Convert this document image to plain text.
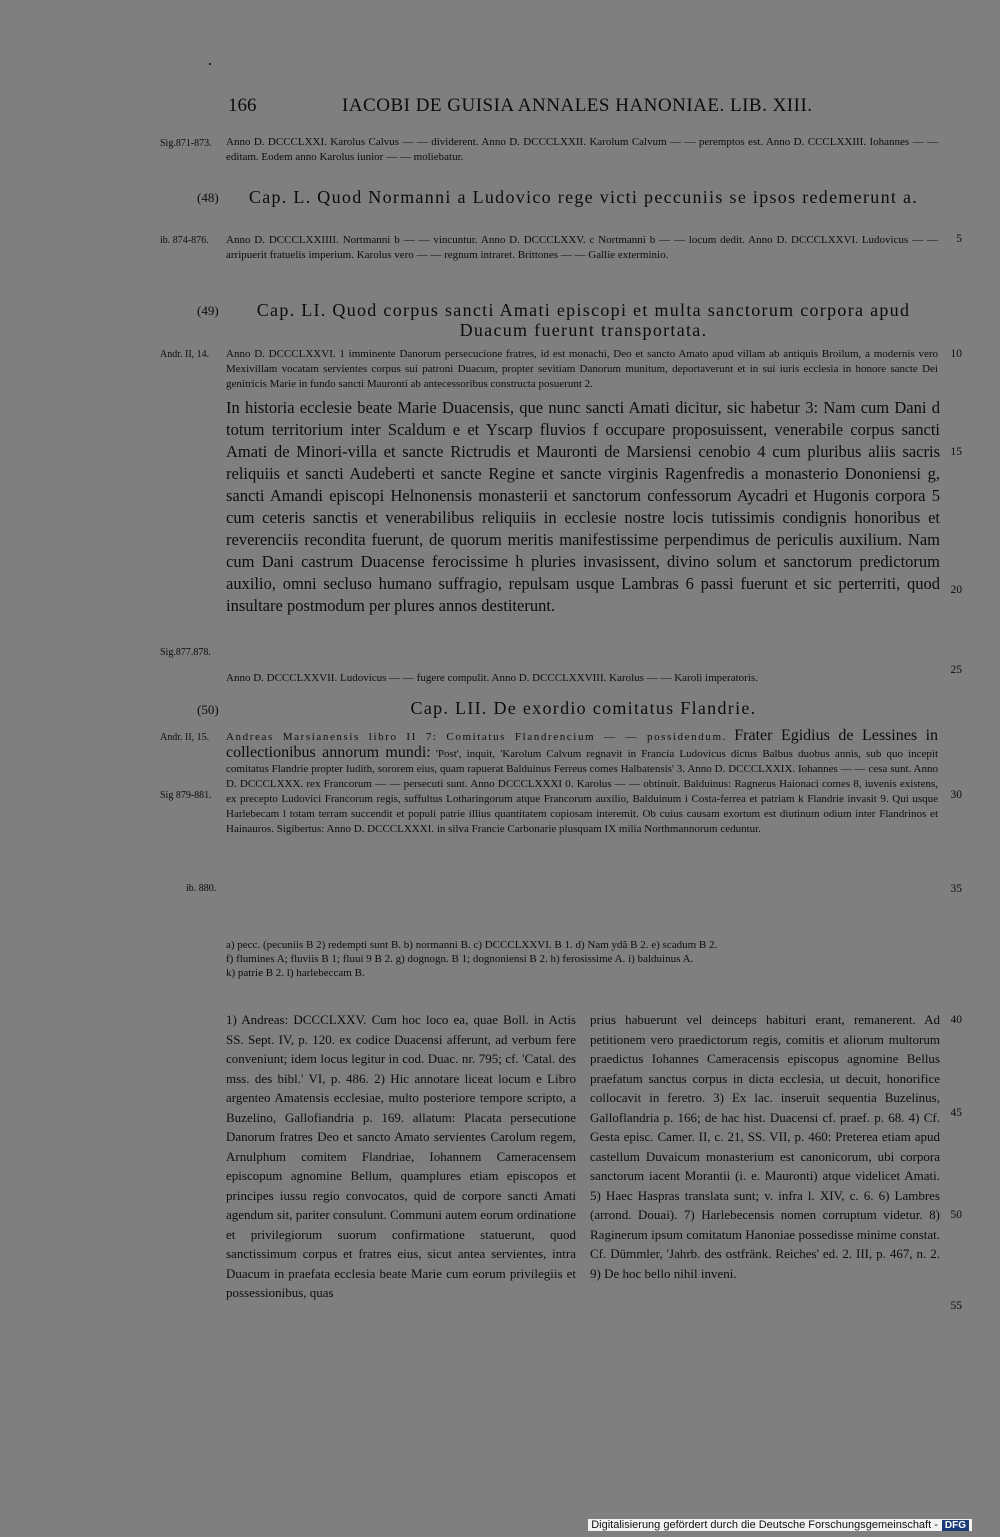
166	IACOBI DE GUISIA ANNALES HANONIAE. LIB. XIII.
Sig.871-873. Anno D. DCCCLXXI. Karolus Calvus — — dividerent. Anno D. DCCCLXXII. Karolum Calvum — — peremptos est. Anno D. CCCLXXIII. Iohannes — — editam. Eodem anno Karolus iunior — — moliebatur.
(48)	Cap. L. Quod Normanni a Ludovico rege victi peccuniis se ipsos redemerunt a.
ib. 874-876. Anno D. DCCCLXXIIII. Nortmanni b — — vincuntur. Anno D. DCCCLXXV. c Nortmanni b — — locum dedit. Anno D. DCCCLXXVI. Ludovicus — — arripuerit fratuelis imperium. Karolus vero — — regnum intraret. Brittones — — Gallie exterminio.
(49)	Cap. LI. Quod corpus sancti Amati episcopi et multa sanctorum corpora apud Duacum fuerunt transportata.
Andr. II, 14. Anno D. DCCCLXXVI. 1 imminente Danorum persecucione fratres, id est monachi, Deo et sancto Amato apud villam ab antiquis Broilum, a modernis vero Mexivillam vocatam servientes corpus sui patroni Duacum, propter sevitiam Danorum munitum, deportaverunt et in sui iuris ecclesia in honore sancte Dei genitricis Marie in fundo sancti Mauronti ab antecessoribus constructa posuerunt 2.
In historia ecclesie beate Marie Duacensis, que nunc sancti Amati dicitur, sic habetur 3: Nam cum Dani d totum territorium inter Scaldum e et Yscarp fluvios f occupare proposuissent, venerabile corpus sancti Amati de Minori-villa et sancte Rictrudis et Mauronti de Marsiensi cenobio 4 cum pluribus aliis sacris reliquiis et sancti Audeberti et sancte Regine et sancte virginis Ragenfredis a monasterio Dononiensi g, sancti Amandi episcopi Helnonensis monasterii et sanctorum confessorum Aycadri et Hugonis corpora 5 cum ceteris sanctis et venerabilibus reliquiis in ecclesie nostre locis tutissimis condignis honoribus et reverenciis recondita fuerunt, de quorum meritis manifestissime perpendimus de periculis auxilium. Nam cum Dani castrum Duacense ferocissime h pluries invasissent, divino solum et sanctorum predictorum auxilio, omni secluso humano suffragio, repulsam usque Lambras 6 passi fuerunt et sic perterriti, quod insultare postmodum per plures annos destiterunt.
Sig.877.878.
Anno D. DCCCLXXVII. Ludovicus — — fugere compulit. Anno D. DCCCLXXVIII. Karolus — — Karoli imperatoris.
(50)	Cap. LII. De exordio comitatus Flandrie.
Andr. II, 15.
Sig 879-881.
ib. 880.
Andreas Marsianensis libro II 7: Comitatus Flandrencium — — possidendum. Frater Egidius de Lessines in collectionibus annorum mundi: 'Post', inquit, 'Karolum Calvum regnavit in Francia Ludovicus dictus Balbus duobus annis, sub quo incepit comitatus Flandrie propter Iudith, sororem eius, quam rapuerat Balduinus Ferreus comes Halbatensis' 3. Anno D. DCCCLXXIX. Iohannes — — cesa sunt. Anno D. DCCCLXXX. rex Francorum — — persecuti sunt. Anno DCCCLXXXI 0. Karolus — — obtinuit. Balduinus: Ragnerus Haionaci comes 8, iuvenis existens, ex precepto Ludovici Francorum regis, suffultus Lotharingorum atque Francorum auxilio, Balduinum i Costa-ferrea et patriam k Flandrie invasit 9. Qui usque Harlebecam l totam terram succendit et populi patrie illius quantitatem copiosam interemit. Ob cuius causam exortum est diutinum odium inter Flandrinos et Hainauros. Sigibertus: Anno D. DCCCLXXXI. in silva Francie Carbonarie plusquam IX milia Northmannorum ceduntur.
a) pecc. (pecuniis B 2) redempti sunt B. b) normanni B. c) DCCCLXXVI. B 1. d) Nam ydã B 2. e) scadum B 2.
f) flumines A; fluviis B 1; fluui 9 B 2. g) dognogn. B 1; dognoniensi B 2. h) ferosissime A. i) balduinus A.
k) patrie B 2. l) harlebeccam B.
1) Andreas: DCCCLXXV. Cum hoc loco ea, quae Boll. in Actis SS. Sept. IV, p. 120. ex codice Duacensi afferunt, ad verbum fere conveniunt; idem locus legitur in cod. Duac. nr. 795; cf. 'Catal. des mss. des bibl.' VI, p. 486. 2) Hic annotare liceat locum e Libro argenteo Amatensis ecclesiae, multo posteriore tempore scripto, a Buzelino, Gallofiandria p. 169. allatum: Placata persecutione Danorum fratres Deo et sancto Amato servientes Carolum regem, Arnulphum comitem Flandriae, Iohannem Cameracensem episcopum agnomine Bellum, quamplures etiam episcopos et principes iussu regio convocatos, quid de corpore sancti Amati agendum sit, pariter consulunt. Communi autem eorum ordinatione et privilegiorum suorum confirmatione statuerunt, quod sanctissimum corpus et fratres eius, sicut antea servientes, intra Duacum in praefata ecclesia beate Marie cum eorum privilegiis et possessionibus, quas
prius habuerunt vel deinceps habituri erant, remanerent. Ad petitionem vero praedictorum regis, comitis et aliorum multorum praedictus Iohannes Cameracensis episcopus agnomine Bellus praefatum sanctus corpus in dicta ecclesia, ut decuit, honorifice collocavit in feretro. 3) Ex lac. inseruit sequentia Buzelinus, Galloflandria p. 166; de hac hist. Duacensi cf. praef. p. 68. 4) Cf. Gesta episc. Camer. II, c. 21, SS. VII, p. 460: Preterea etiam apud castellum Duvaicum monasterium est canonicorum, ubi corpora sanctorum iacent Morantii (i. e. Mauronti) atque videlicet Amati. 5) Haec Haspras translata sunt; v. infra l. XIV, c. 6. 6) Lambres (arrond. Douai). 7) Harlebecensis nomen corruptum videtur. 8) Raginerum ipsum comitatum Hanoniae possedisse minime constat. Cf. Dümmler, 'Jahrb. des ostfränk. Reiches' ed. 2. III, p. 467, n. 2. 9) De hoc bello nihil inveni.
5
10
15
20
25
30
35
40
45
50
55
Digitalisierung gefördert durch die Deutsche Forschungsgemeinschaft - DFG
